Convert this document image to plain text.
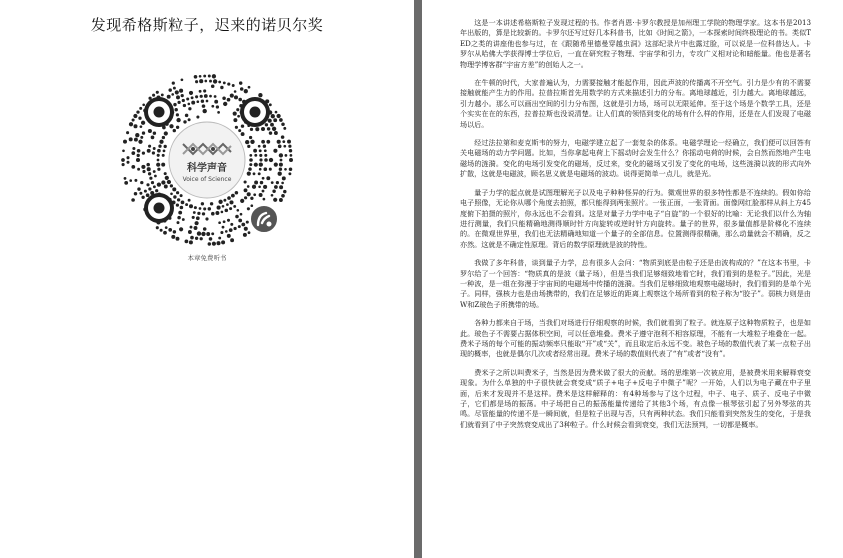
发现希格斯粒子，迟来的诺贝尔奖
科学声音
Voice of Science
本章免费听书

这是一本讲述希格斯粒子发现过程的书。作者肖恩·卡罗尔教授是加州理工学院的物理学家。这本书是2013年出版的，算是比较新的。卡罗尔还写过好几本科普书，比如《时间之箭》，一本探索时间终极理论的书。类似TED之类的讲座他也参与过，在《跟随希里德曼穿越虫洞》这部纪录片中也露过脸，可以说是一位科普达人。卡罗尔从哈佛大学获得博士学位后，一直在研究粒子物理、宇宙学和引力，专攻广义相对论和暗能量。他也是著名物理学博客群“宇宙方差”的创始人之一。

在牛顿的时代，大家普遍认为，力需要接触才能起作用，因此声波的传播离不开空气。引力是少有的不需要接触就能产生力的作用。拉普拉斯首先用数学的方式来描述引力的分布。离地球越近，引力越大。离地球越远，引力越小。那么可以画出空间的引力分布图，这就是引力场，场可以无限延伸。至于这个场是个数学工具，还是个实实在在的东西，拉普拉斯也没说清楚。让人们真的领悟到变化的场有什么样的作用，还是在人们发现了电磁场以后。

经过法拉第和麦克斯韦的努力，电磁学建立起了一套复杂的体系。电磁学理论一经确立，我们便可以回答有关电磁场的动力学问题。比如，当你拿起电荷上下摇动时会发生什么？你摇动电荷的时候，会自然而然地产生电磁场的涟漪。变化的电场引发变化的磁场，反过来，变化的磁场又引发了变化的电场，这些涟漪以波的形式向外扩散，这就是电磁波，顾名思义就是电磁场的波动。说得更简单一点儿，就是光。

量子力学的起点就是试图理解光子以及电子种种怪异的行为。微观世界的很多特性都是不连续的。假如你给电子照像，无论你从哪个角度去拍照，都只能得到两张照片。一张正面，一张背面。面像网红脸那样从斜上方45度俯下拍摄的照片，你永远也不会看到。这是对量子力学中电子“自旋”的一个很好的比喻：无论我们以什么为轴进行测量，我们只能精确地测得顺时针方向旋转或逆时针方向旋转。量子的世界，很多量值都是阶梯化不连续的。在微观世界里，我们也无法精确地知道一个量子的全部信息。位置测得很精确，那么动量就会不精确，反之亦然。这就是不确定性原理。背后的数学原理就是波的特性。

我做了多年科普，谈到量子力学，总有很多人会问：“物质到底是由粒子还是由波构成的？”在这本书里，卡罗尔给了一个回答：“物质真的是波（量子场），但是当我们足够细致地看它时，我们看到的是粒子。”因此，光是一种波，是一组在弥漫于宇宙间的电磁场中传播的涟漪。当我们足够细致地观察电磁场时，我们看到的是单个光子。同样，强核力也是由场携带的，我们在足够近的距离上观察这个场所看到的粒子称为“胶子”。弱核力则是由W和Z玻色子所携带的场。

各种力都来自于场，当我们对场进行仔细观察的时候，我们就看到了粒子。就连原子这种物质粒子，也是如此。玻色子不需要占据体积空间，可以任意堆叠。费米子遵守泡利不相容原理，不能有一大堆粒子堆叠在一起。费米子场的每个可能的振动频率只能取“开”或“关”，而且取定后永远不变。玻色子场的数值代表了某一点粒子出现的概率，也就是偶尔几次或者经常出现。费米子场的数值则代表了“有”或者“没有”。

费米子之所以叫费米子，当然是因为费米做了很大的贡献。场的思维第一次被应用，是被费米用来解释衰变现象。为什么单独的中子很快就会衰变成“质子+电子+反电子中微子”呢？一开始，人们以为电子藏在中子里面，后来才发现并不是这样。费米是这样解释的：有4种场参与了这个过程，中子、电子、质子、反电子中微子，它们都是场的振荡。中子场把自己的振荡能量传递给了其他3个场，有点像一根琴弦引起了另外琴弦的共鸣。尽管能量的传递不是一瞬间就，但是粒子出现与否，只有两种状态。我们只能看到突然发生的变化，于是我们就看到了中子突然衰变成出了3种粒子。什么时候会看到衰变，我们无法预判，一切都是概率。
